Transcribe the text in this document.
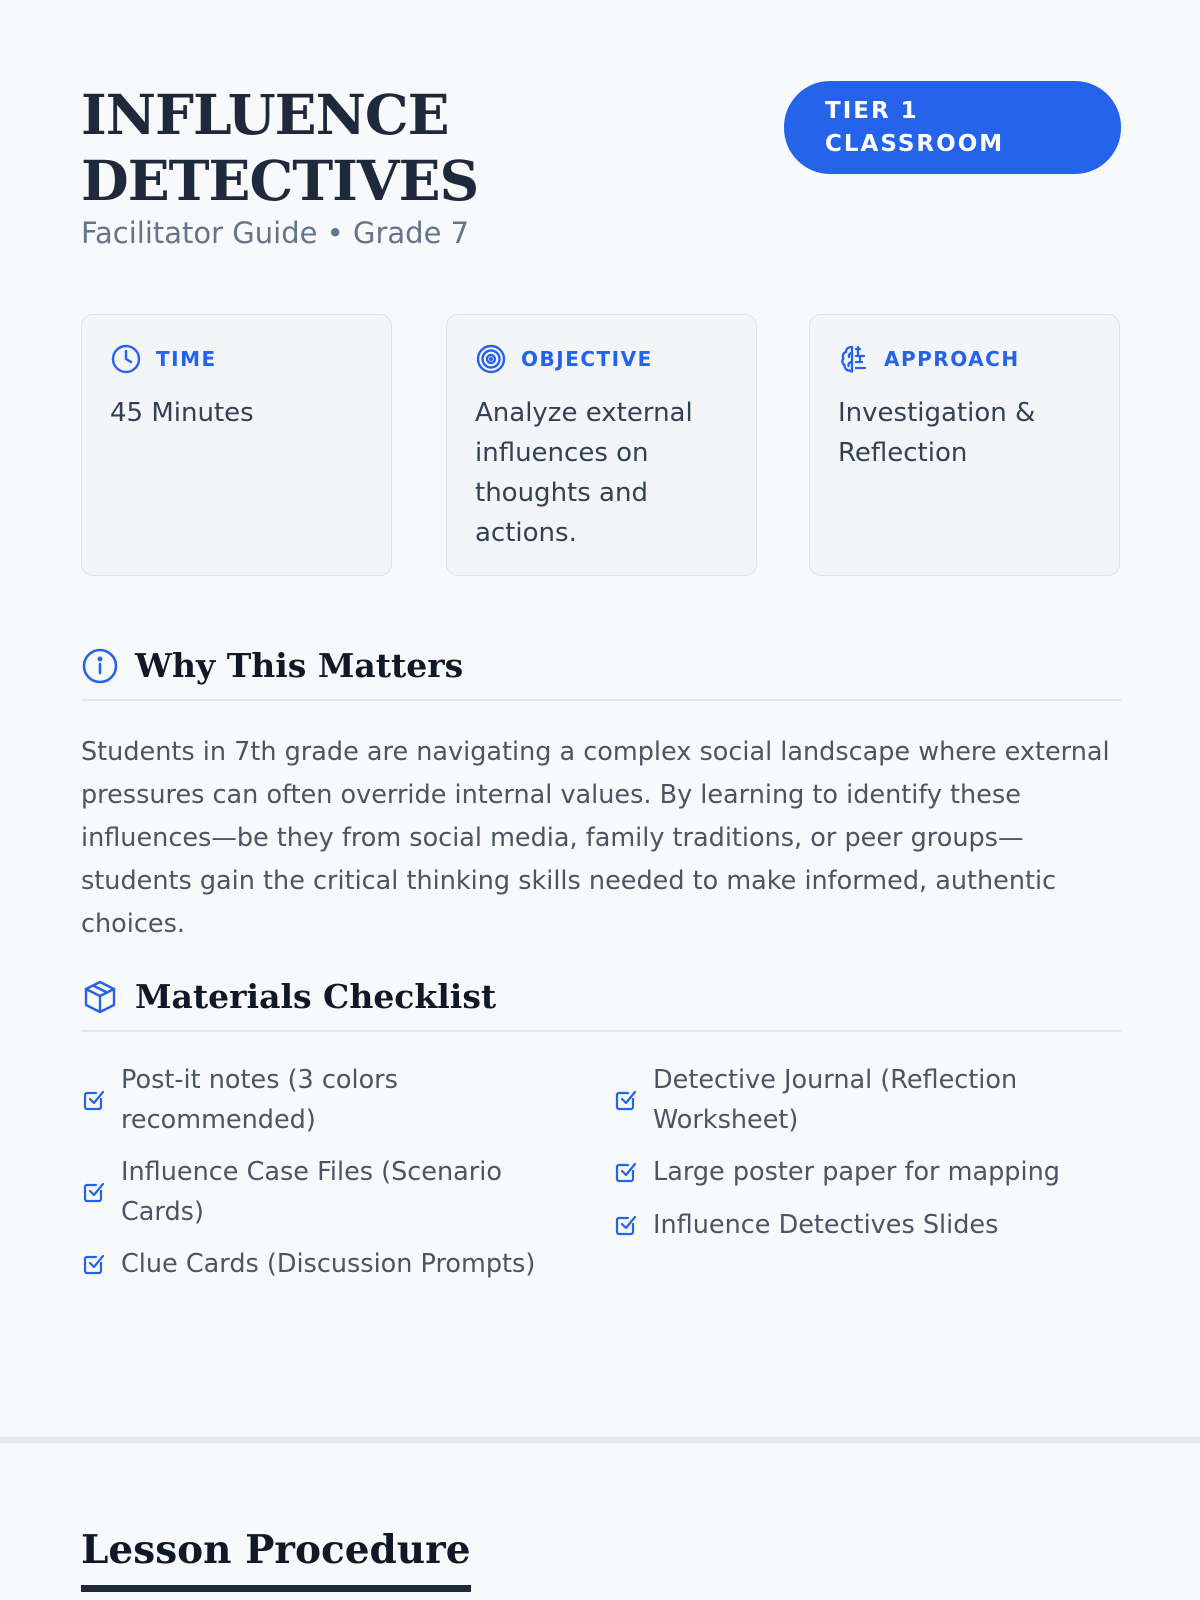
INFLUENCE
DETECTIVES
Facilitator Guide • Grade 7
TIER 1
CLASSROOM
TIME
45 Minutes
OBJECTIVE
Analyze external influences on thoughts and actions.
APPROACH
Investigation & Reflection
Why This Matters
Students in 7th grade are navigating a complex social landscape where external pressures can often override internal values. By learning to identify these influences—be they from social media, family traditions, or peer groups—students gain the critical thinking skills needed to make informed, authentic choices.
Materials Checklist
Post-it notes (3 colors recommended)
Influence Case Files (Scenario Cards)
Clue Cards (Discussion Prompts)
Detective Journal (Reflection Worksheet)
Large poster paper for mapping
Influence Detectives Slides
Lesson Procedure
